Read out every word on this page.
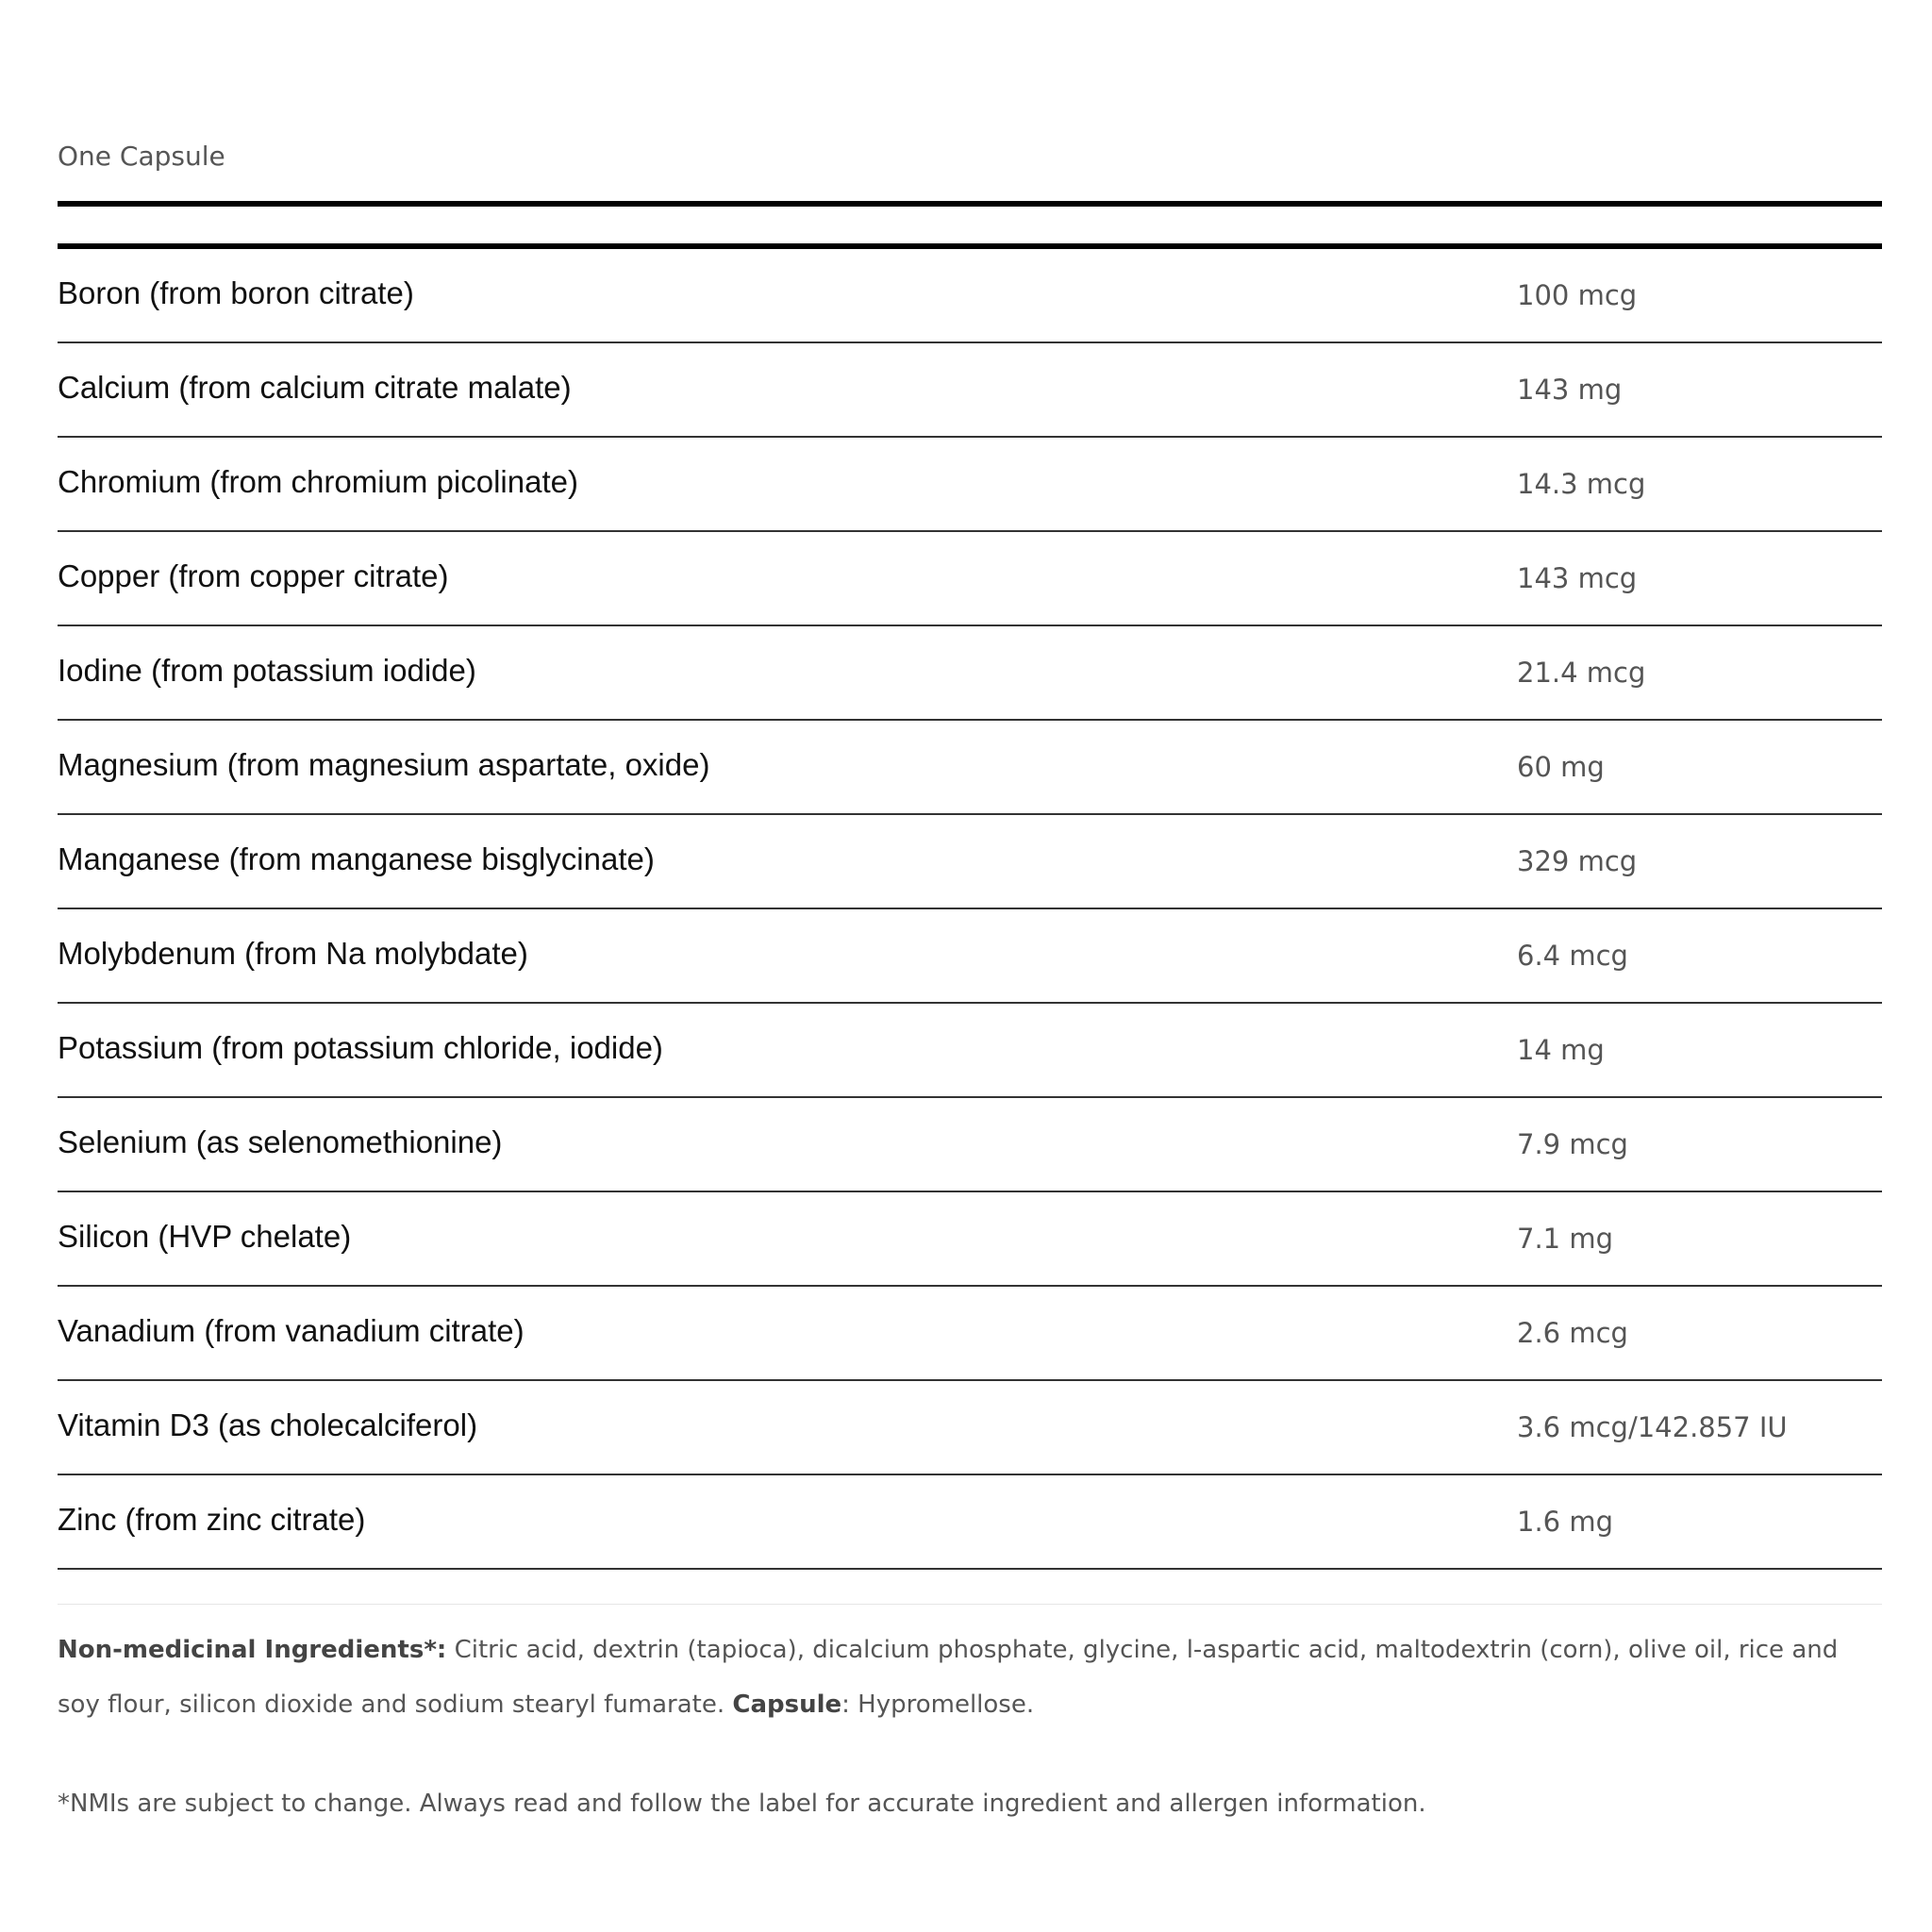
One Capsule

Boron (from boron citrate)	100 mcg
Calcium (from calcium citrate malate)	143 mg
Chromium (from chromium picolinate)	14.3 mcg
Copper (from copper citrate)	143 mcg
Iodine (from potassium iodide)	21.4 mcg
Magnesium (from magnesium aspartate, oxide)	60 mg
Manganese (from manganese bisglycinate)	329 mcg
Molybdenum (from Na molybdate)	6.4 mcg
Potassium (from potassium chloride, iodide)	14 mg
Selenium (as selenomethionine)	7.9 mcg
Silicon (HVP chelate)	7.1 mg
Vanadium (from vanadium citrate)	2.6 mcg
Vitamin D3 (as cholecalciferol)	3.6 mcg/142.857 IU
Zinc (from zinc citrate)	1.6 mg

Non-medicinal Ingredients*: Citric acid, dextrin (tapioca), dicalcium phosphate, glycine, l-aspartic acid, maltodextrin (corn), olive oil, rice and soy flour, silicon dioxide and sodium stearyl fumarate. Capsule: Hypromellose.

*NMIs are subject to change. Always read and follow the label for accurate ingredient and allergen information.
